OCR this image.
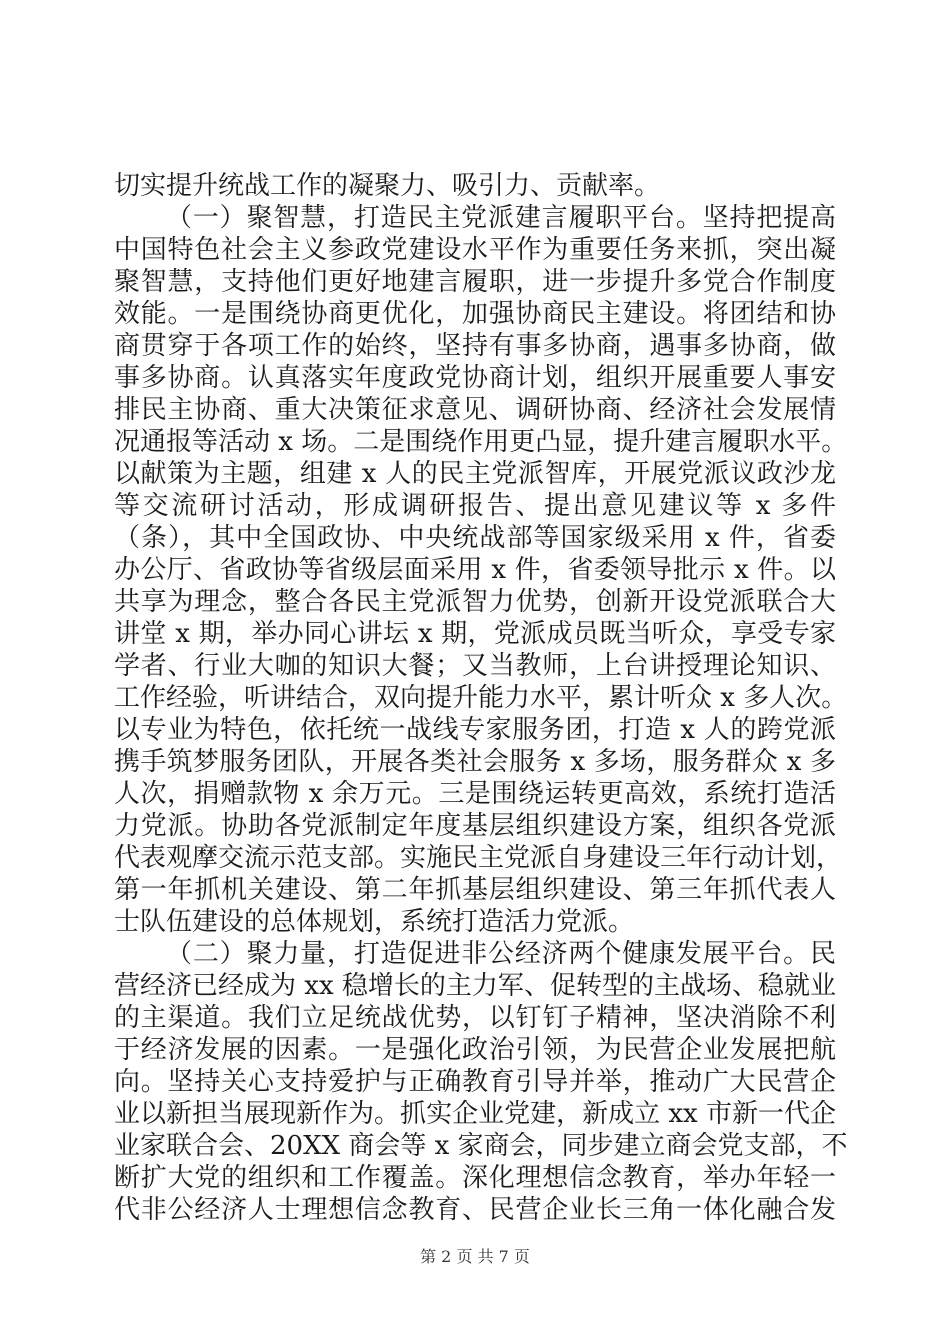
切实提升统战工作的凝聚力、吸引力、贡献率。
（一）聚智慧，打造民主党派建言履职平台。坚持把提高
中国特色社会主义参政党建设水平作为重要任务来抓，突出凝
聚智慧，支持他们更好地建言履职，进一步提升多党合作制度
效能。一是围绕协商更优化，加强协商民主建设。将团结和协
商贯穿于各项工作的始终，坚持有事多协商，遇事多协商，做
事多协商。认真落实年度政党协商计划，组织开展重要人事安
排民主协商、重大决策征求意见、调研协商、经济社会发展情
况通报等活动 x 场。二是围绕作用更凸显，提升建言履职水平。
以献策为主题，组建 x 人的民主党派智库，开展党派议政沙龙
等交流研讨活动，形成调研报告、提出意见建议等 x 多件
（条），其中全国政协、中央统战部等国家级采用 x 件，省委
办公厅、省政协等省级层面采用 x 件，省委领导批示 x 件。以
共享为理念，整合各民主党派智力优势，创新开设党派联合大
讲堂 x 期，举办同心讲坛 x 期，党派成员既当听众，享受专家
学者、行业大咖的知识大餐；又当教师，上台讲授理论知识、
工作经验，听讲结合，双向提升能力水平，累计听众 x 多人次。
以专业为特色，依托统一战线专家服务团，打造 x 人的跨党派
携手筑梦服务团队，开展各类社会服务 x 多场，服务群众 x 多
人次，捐赠款物 x 余万元。三是围绕运转更高效，系统打造活
力党派。协助各党派制定年度基层组织建设方案，组织各党派
代表观摩交流示范支部。实施民主党派自身建设三年行动计划，
第一年抓机关建设、第二年抓基层组织建设、第三年抓代表人
士队伍建设的总体规划，系统打造活力党派。
（二）聚力量，打造促进非公经济两个健康发展平台。民
营经济已经成为 xx 稳增长的主力军、促转型的主战场、稳就业
的主渠道。我们立足统战优势，以钉钉子精神，坚决消除不利
于经济发展的因素。一是强化政治引领，为民营企业发展把航
向。坚持关心支持爱护与正确教育引导并举，推动广大民营企
业以新担当展现新作为。抓实企业党建，新成立 xx 市新一代企
业家联合会、20XX 商会等 x 家商会，同步建立商会党支部，不
断扩大党的组织和工作覆盖。深化理想信念教育，举办年轻一
代非公经济人士理想信念教育、民营企业长三角一体化融合发
第 2 页 共 7 页
